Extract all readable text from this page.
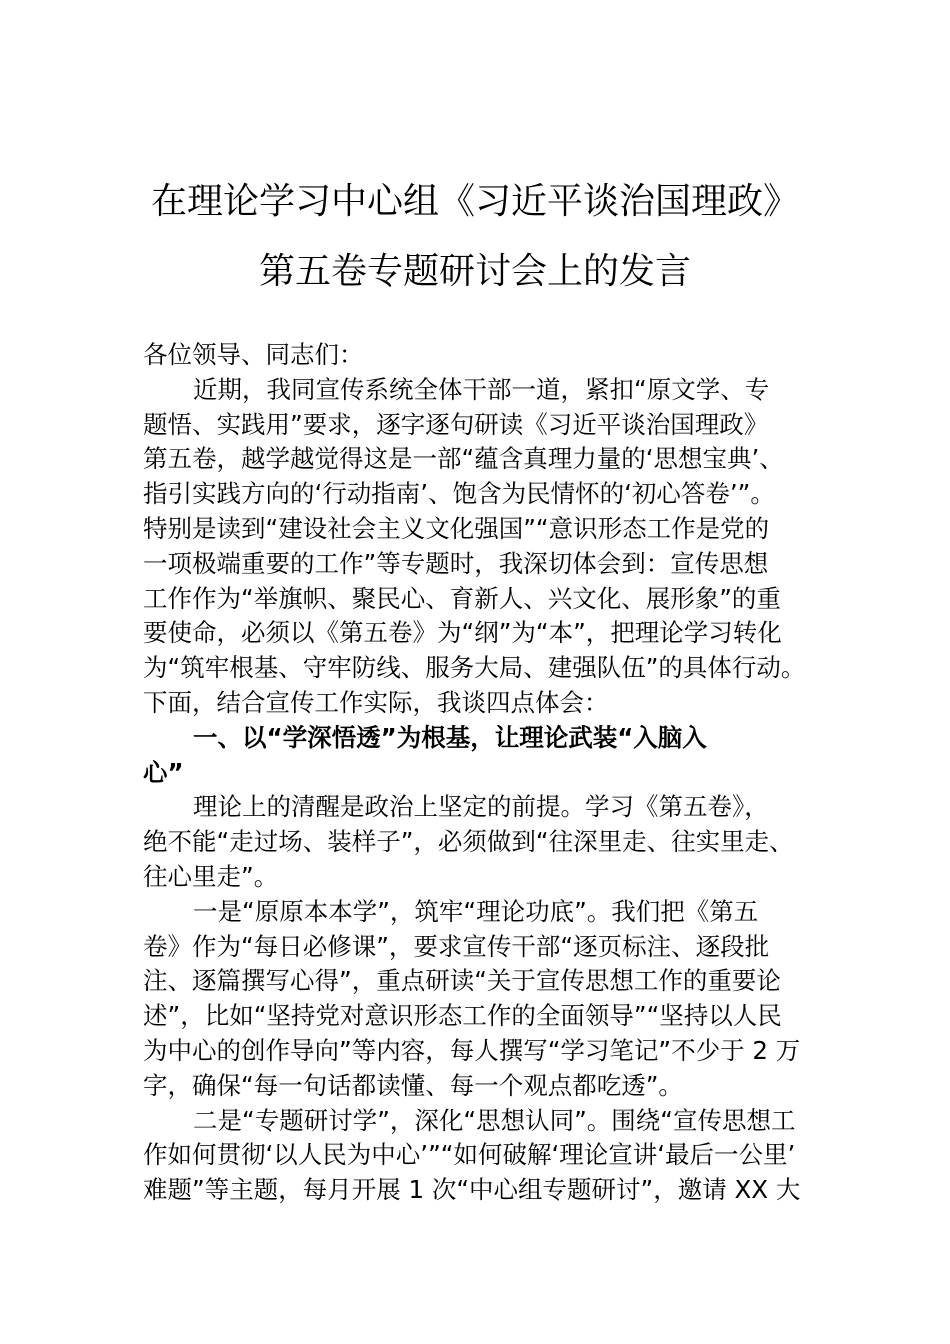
在理论学习中心组《习近平谈治国理政》
第五卷专题研讨会上的发言
各位领导、同志们：
近期，我同宣传系统全体干部一道，紧扣“原文学、专
题悟、实践用”要求，逐字逐句研读《习近平谈治国理政》
第五卷，越学越觉得这是一部“蕴含真理力量的‘思想宝典’、
指引实践方向的‘行动指南’、饱含为民情怀的‘初心答卷’”。
特别是读到“建设社会主义文化强国”“意识形态工作是党的
一项极端重要的工作”等专题时，我深切体会到：宣传思想
工作作为“举旗帜、聚民心、育新人、兴文化、展形象”的重
要使命，必须以《第五卷》为“纲”为“本”，把理论学习转化
为“筑牢根基、守牢防线、服务大局、建强队伍”的具体行动。
下面，结合宣传工作实际，我谈四点体会：
一、以“学深悟透”为根基，让理论武装“入脑入
心”
理论上的清醒是政治上坚定的前提。学习《第五卷》，
绝不能“走过场、装样子”，必须做到“往深里走、往实里走、
往心里走”。
一是“原原本本学”，筑牢“理论功底”。我们把《第五
卷》作为“每日必修课”，要求宣传干部“逐页标注、逐段批
注、逐篇撰写心得”，重点研读“关于宣传思想工作的重要论
述”，比如“坚持党对意识形态工作的全面领导”“坚持以人民
为中心的创作导向”等内容，每人撰写“学习笔记”不少于 2 万
字，确保“每一句话都读懂、每一个观点都吃透”。
二是“专题研讨学”，深化“思想认同”。围绕“宣传思想工
作如何贯彻‘以人民为中心’”“如何破解‘理论宣讲‘最后一公里’
难题”等主题，每月开展 1 次“中心组专题研讨”，邀请 XX 大
